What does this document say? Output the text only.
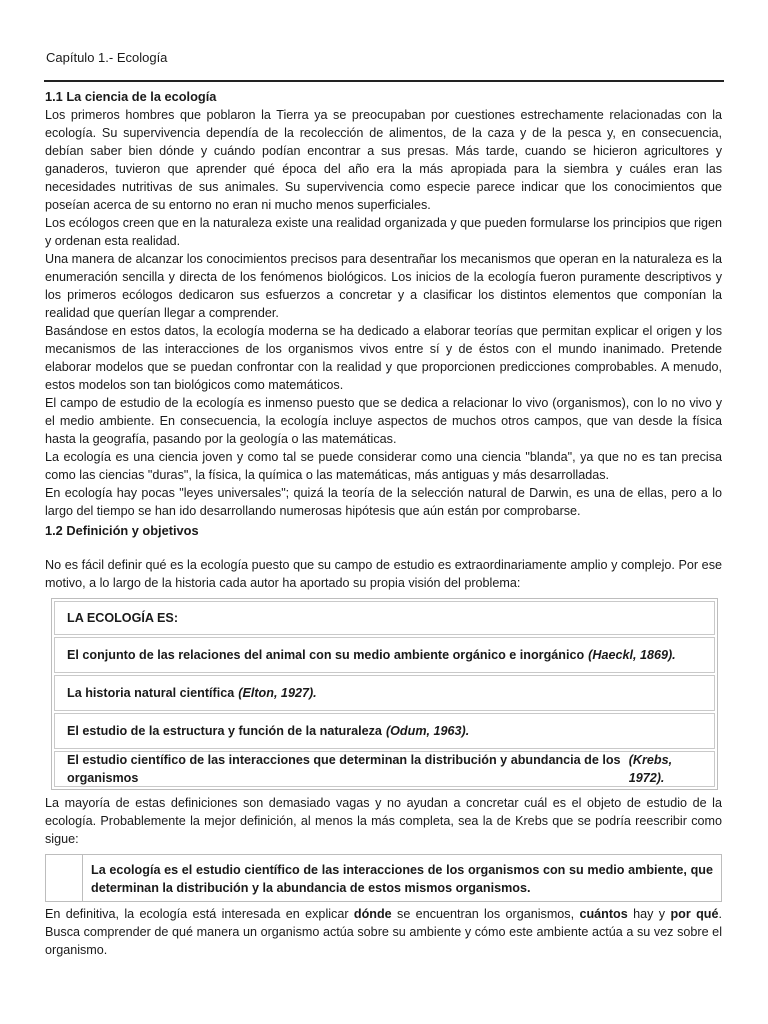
Capítulo 1.- Ecología

1.1 La ciencia de la ecología

Los primeros hombres que poblaron la Tierra ya se preocupaban por cuestiones estrechamente relacionadas con la ecología. Su supervivencia dependía de la recolección de alimentos, de la caza y de la pesca y, en consecuencia, debían saber bien dónde y cuándo podían encontrar a sus presas. Más tarde, cuando se hicieron agricultores y ganaderos, tuvieron que aprender qué época del año era la más apropiada para la siembra y cuáles eran las necesidades nutritivas de sus animales. Su supervivencia como especie parece indicar que los conocimientos que poseían acerca de su entorno no eran ni mucho menos superficiales.

Los ecólogos creen que en la naturaleza existe una realidad organizada y que pueden formularse los principios que rigen y ordenan esta realidad.

Una manera de alcanzar los conocimientos precisos para desentrañar los mecanismos que operan en la naturaleza es la enumeración sencilla y directa de los fenómenos biológicos. Los inicios de la ecología fueron puramente descriptivos y los primeros ecólogos dedicaron sus esfuerzos a concretar y a clasificar los distintos elementos que componían la realidad que querían llegar a comprender.

Basándose en estos datos, la ecología moderna se ha dedicado a elaborar teorías que permitan explicar el origen y los mecanismos de las interacciones de los organismos vivos entre sí y de éstos con el mundo inanimado. Pretende elaborar modelos que se puedan confrontar con la realidad y que proporcionen predicciones comprobables. A menudo, estos modelos son tan biológicos como matemáticos.

El campo de estudio de la ecología es inmenso puesto que se dedica a relacionar lo vivo (organismos), con lo no vivo y el medio ambiente. En consecuencia, la ecología incluye aspectos de muchos otros campos, que van desde la física hasta la geografía, pasando por la geología o las matemáticas.

La ecología es una ciencia joven y como tal se puede considerar como una ciencia "blanda", ya que no es tan precisa como las ciencias "duras", la física, la química o las matemáticas, más antiguas y más desarrolladas.

En ecología hay pocas "leyes universales"; quizá la teoría de la selección natural de Darwin, es una de ellas, pero a lo largo del tiempo se han ido desarrollando numerosas hipótesis que aún están por comprobarse.

1.2 Definición y objetivos

No es fácil definir qué es la ecología puesto que su campo de estudio es extraordinariamente amplio y complejo. Por ese motivo, a lo largo de la historia cada autor ha aportado su propia visión del problema:

LA ECOLOGÍA ES:
El conjunto de las relaciones del animal con su medio ambiente orgánico e inorgánico (Haeckl, 1869).
La historia natural científica (Elton, 1927).
El estudio de la estructura y función de la naturaleza (Odum, 1963).
El estudio científico de las interacciones que determinan la distribución y abundancia de los organismos
(Krebs, 1972).

La mayoría de estas definiciones son demasiado vagas y no ayudan a concretar cuál es el objeto de estudio de la ecología. Probablemente la mejor definición, al menos la más completa, sea la de Krebs que se podría reescribir como sigue:

La ecología es el estudio científico de las interacciones de los organismos con su medio ambiente, que determinan la distribución y la abundancia de estos mismos organismos.

En definitiva, la ecología está interesada en explicar dónde se encuentran los organismos, cuántos hay y por qué. Busca comprender de qué manera un organismo actúa sobre su ambiente y cómo este ambiente actúa a su vez sobre el organismo.
